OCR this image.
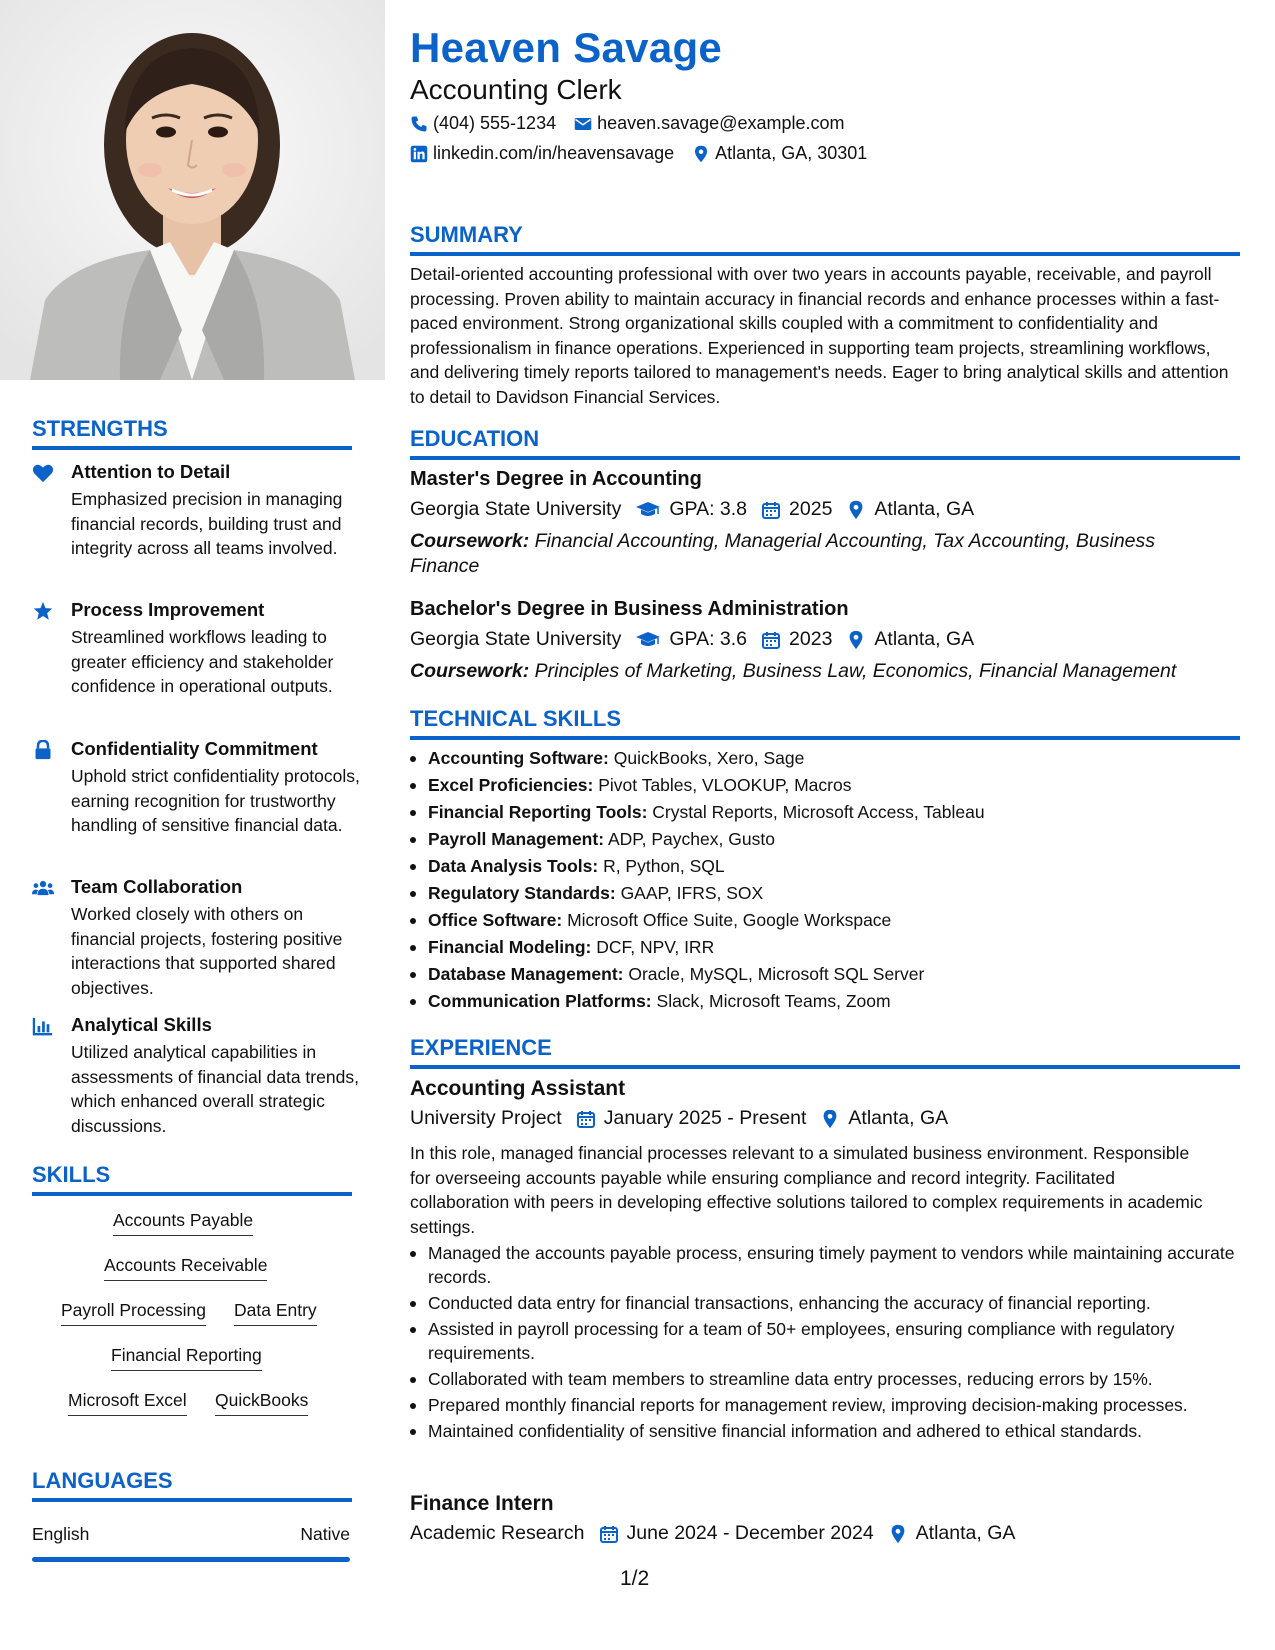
STRENGTHS
Attention to Detail
Emphasized precision in managing financial records, building trust and integrity across all teams involved.
Process Improvement
Streamlined workflows leading to greater efficiency and stakeholder confidence in operational outputs.
Confidentiality Commitment
Uphold strict confidentiality protocols, earning recognition for trustworthy handling of sensitive financial data.
Team Collaboration
Worked closely with others on financial projects, fostering positive interactions that supported shared objectives.
Analytical Skills
Utilized analytical capabilities in assessments of financial data trends, which enhanced overall strategic discussions.
SKILLS
Accounts Payable
Accounts Receivable
Payroll Processing Data Entry
Financial Reporting
Microsoft Excel QuickBooks
LANGUAGES
English	Native
Heaven Savage
Accounting Clerk
(404) 555-1234 heaven.savage@example.com
linkedin.com/in/heavensavage Atlanta, GA, 30301
SUMMARY
Detail-oriented accounting professional with over two years in accounts payable, receivable, and payroll processing. Proven ability to maintain accuracy in financial records and enhance processes within a fast-paced environment. Strong organizational skills coupled with a commitment to confidentiality and professionalism in finance operations. Experienced in supporting team projects, streamlining workflows, and delivering timely reports tailored to management's needs. Eager to bring analytical skills and attention to detail to Davidson Financial Services.
EDUCATION
Master's Degree in Accounting
Georgia State University GPA: 3.8 2025 Atlanta, GA
Coursework: Financial Accounting, Managerial Accounting, Tax Accounting, Business Finance
Bachelor's Degree in Business Administration
Georgia State University GPA: 3.6 2023 Atlanta, GA
Coursework: Principles of Marketing, Business Law, Economics, Financial Management
TECHNICAL SKILLS
Accounting Software: QuickBooks, Xero, Sage
Excel Proficiencies: Pivot Tables, VLOOKUP, Macros
Financial Reporting Tools: Crystal Reports, Microsoft Access, Tableau
Payroll Management: ADP, Paychex, Gusto
Data Analysis Tools: R, Python, SQL
Regulatory Standards: GAAP, IFRS, SOX
Office Software: Microsoft Office Suite, Google Workspace
Financial Modeling: DCF, NPV, IRR
Database Management: Oracle, MySQL, Microsoft SQL Server
Communication Platforms: Slack, Microsoft Teams, Zoom
EXPERIENCE
Accounting Assistant
University Project January 2025 - Present Atlanta, GA
In this role, managed financial processes relevant to a simulated business environment. Responsible for overseeing accounts payable while ensuring compliance and record integrity. Facilitated collaboration with peers in developing effective solutions tailored to complex requirements in academic settings.
Managed the accounts payable process, ensuring timely payment to vendors while maintaining accurate records.
Conducted data entry for financial transactions, enhancing the accuracy of financial reporting.
Assisted in payroll processing for a team of 50+ employees, ensuring compliance with regulatory requirements.
Collaborated with team members to streamline data entry processes, reducing errors by 15%.
Prepared monthly financial reports for management review, improving decision-making processes.
Maintained confidentiality of sensitive financial information and adhered to ethical standards.
Finance Intern
Academic Research June 2024 - December 2024 Atlanta, GA
1/2
